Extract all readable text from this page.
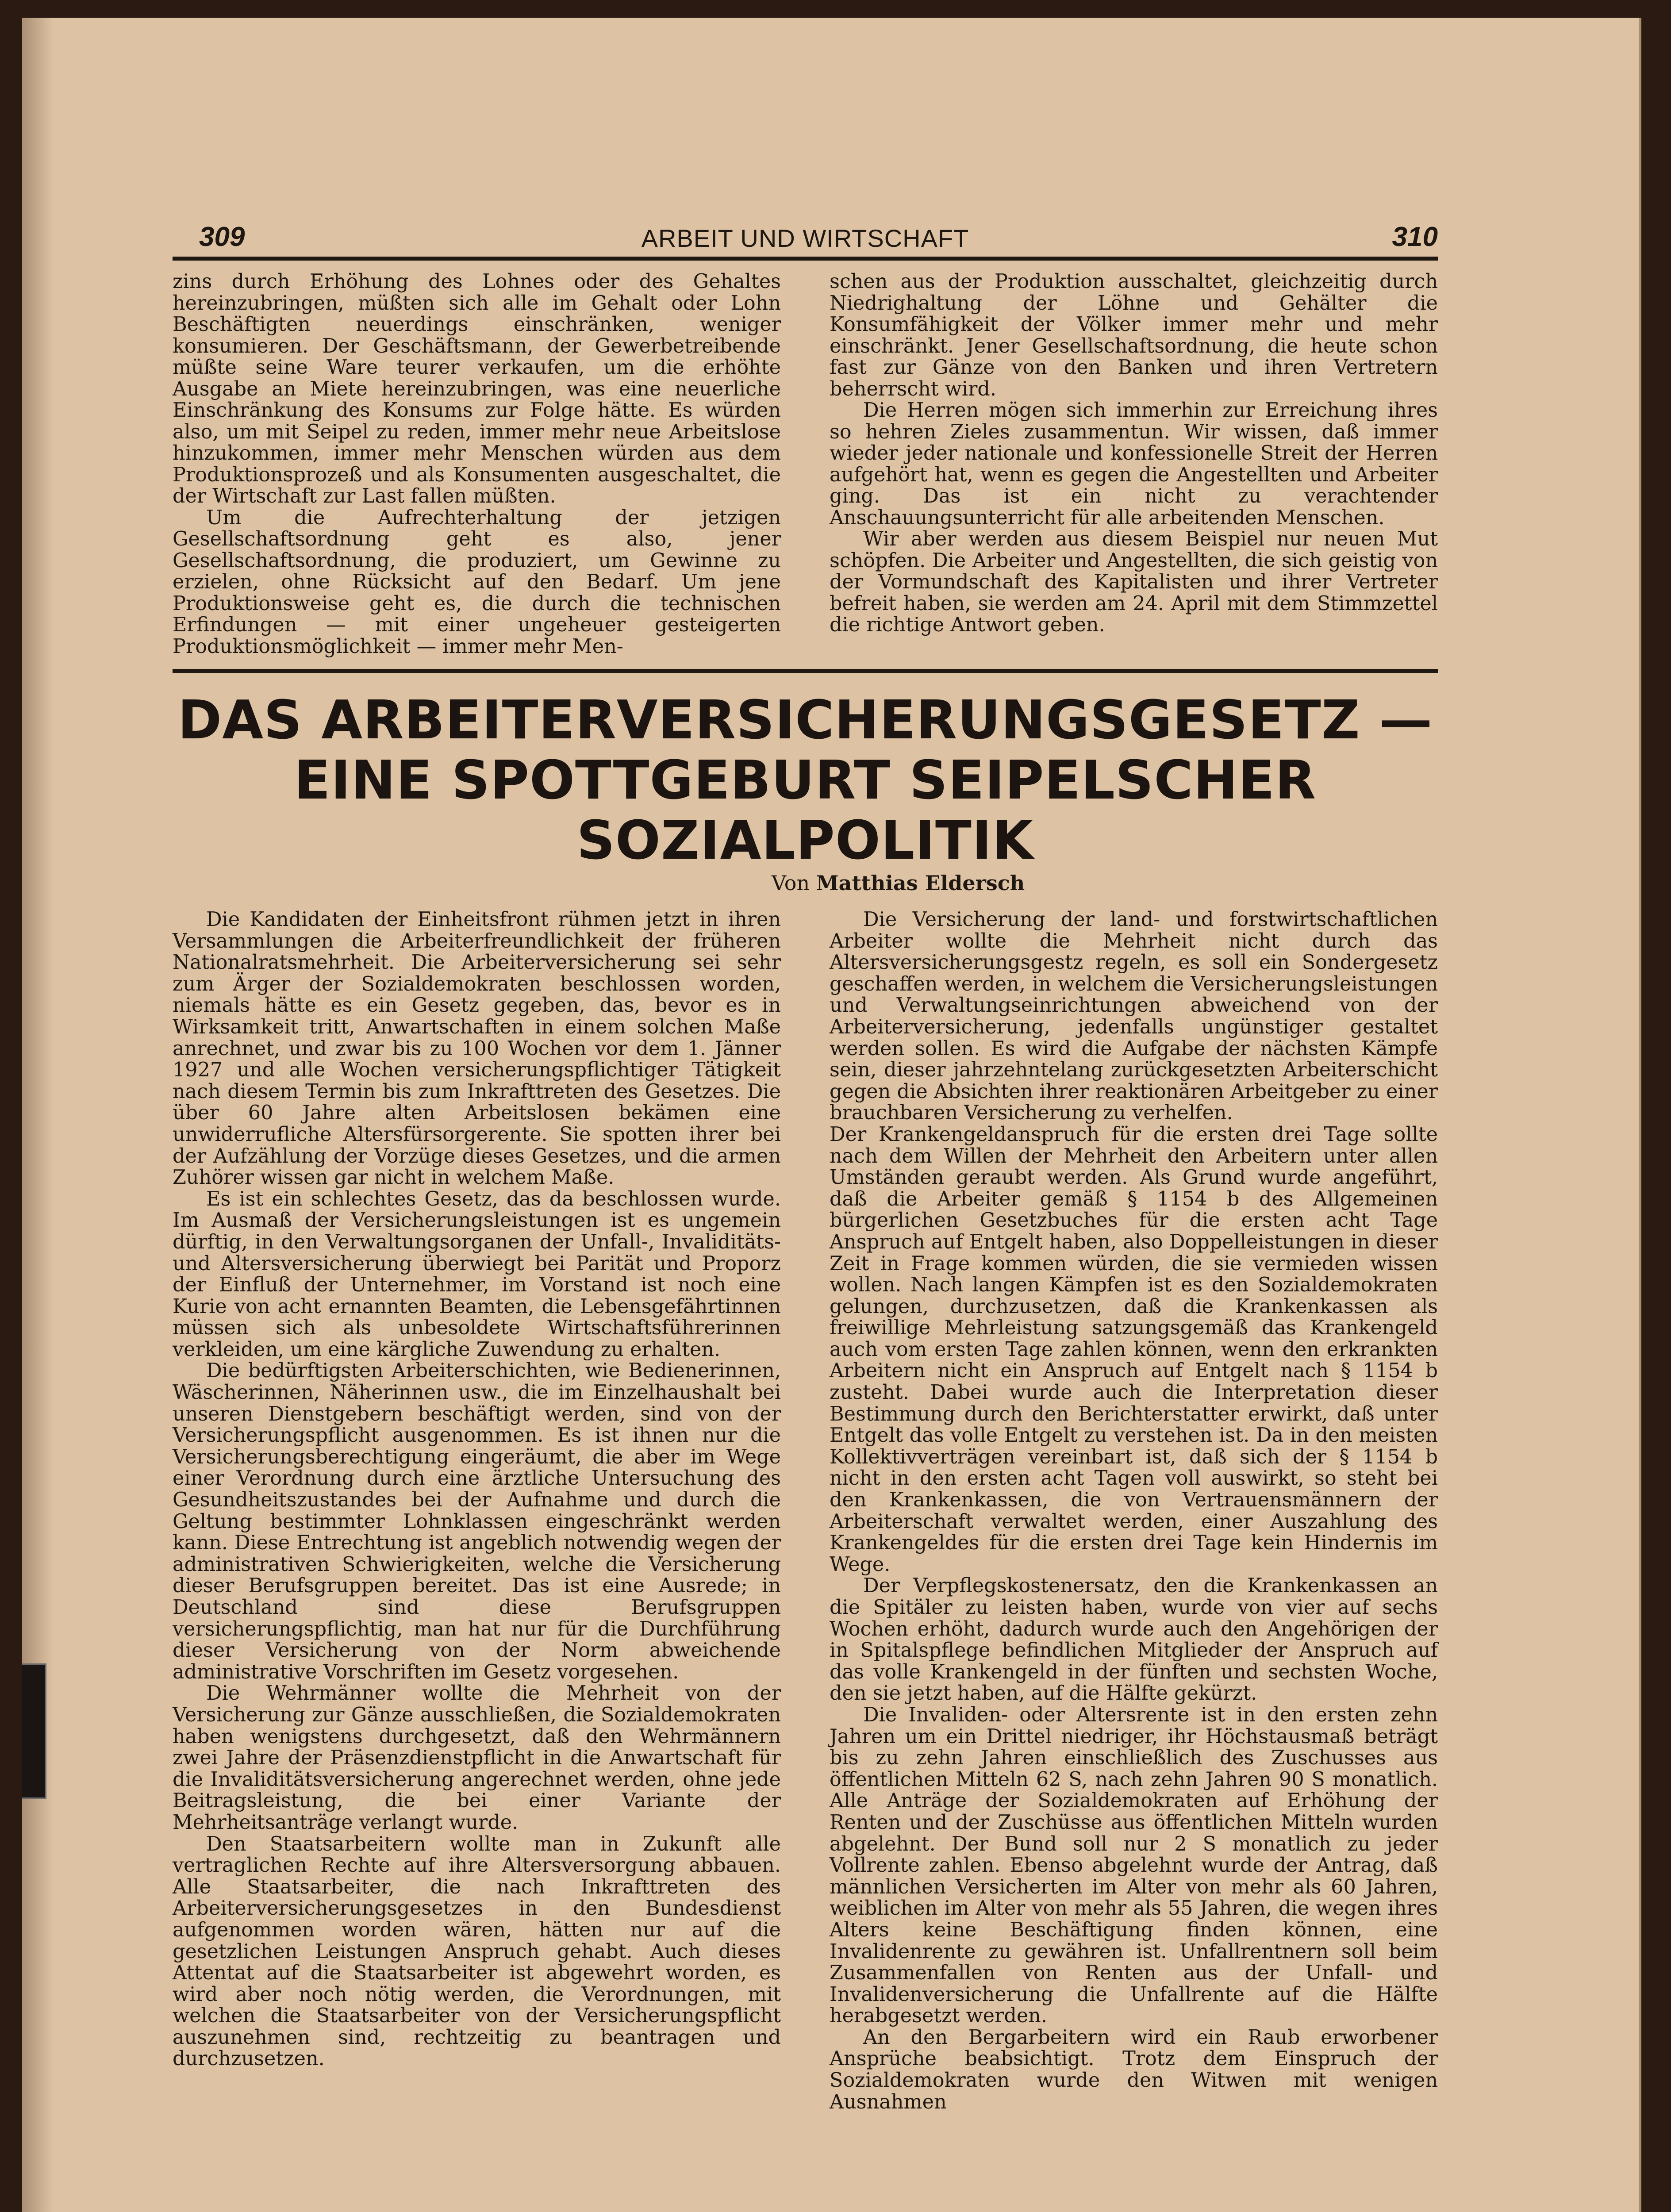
309	ARBEIT UND WIRTSCHAFT	310

zins durch Erhöhung des Lohnes oder des Gehaltes hereinzubringen, müßten sich alle im Gehalt oder Lohn Beschäftigten neuerdings einschränken, weniger konsumieren. Der Geschäftsmann, der Gewerbetreibende müßte seine Ware teurer verkaufen, um die erhöhte Ausgabe an Miete hereinzubringen, was eine neuerliche Einschränkung des Konsums zur Folge hätte. Es würden also, um mit Seipel zu reden, immer mehr neue Arbeitslose hinzukommen, immer mehr Menschen würden aus dem Produktionsprozeß und als Konsumenten ausgeschaltet, die der Wirtschaft zur Last fallen müßten.

Um die Aufrechterhaltung der jetzigen Gesellschaftsordnung geht es also, jener Gesellschaftsordnung, die produziert, um Gewinne zu erzielen, ohne Rücksicht auf den Bedarf. Um jene Produktionsweise geht es, die durch die technischen Erfindungen — mit einer ungeheuer gesteigerten Produktionsmöglichkeit — immer mehr Men-

schen aus der Produktion ausschaltet, gleichzeitig durch Niedrighaltung der Löhne und Gehälter die Konsumfähigkeit der Völker immer mehr und mehr einschränkt. Jener Gesellschaftsordnung, die heute schon fast zur Gänze von den Banken und ihren Vertretern beherrscht wird.

Die Herren mögen sich immerhin zur Erreichung ihres so hehren Zieles zusammentun. Wir wissen, daß immer wieder jeder nationale und konfessionelle Streit der Herren aufgehört hat, wenn es gegen die Angestellten und Arbeiter ging. Das ist ein nicht zu verachtender Anschauungsunterricht für alle arbeitenden Menschen.

Wir aber werden aus diesem Beispiel nur neuen Mut schöpfen. Die Arbeiter und Angestellten, die sich geistig von der Vormundschaft des Kapitalisten und ihrer Vertreter befreit haben, sie werden am 24. April mit dem Stimmzettel die richtige Antwort geben.

DAS ARBEITERVERSICHERUNGSGESETZ —
EINE SPOTTGEBURT SEIPELSCHER
SOZIALPOLITIK
Von Matthias Eldersch

Die Kandidaten der Einheitsfront rühmen jetzt in ihren Versammlungen die Arbeiterfreundlichkeit der früheren Nationalratsmehrheit. Die Arbeiterversicherung sei sehr zum Ärger der Sozialdemokraten beschlossen worden, niemals hätte es ein Gesetz gegeben, das, bevor es in Wirksamkeit tritt, Anwartschaften in einem solchen Maße anrechnet, und zwar bis zu 100 Wochen vor dem 1. Jänner 1927 und alle Wochen versicherungspflichtiger Tätigkeit nach diesem Termin bis zum Inkrafttreten des Gesetzes. Die über 60 Jahre alten Arbeitslosen bekämen eine unwiderrufliche Altersfürsorgerente. Sie spotten ihrer bei der Aufzählung der Vorzüge dieses Gesetzes, und die armen Zuhörer wissen gar nicht in welchem Maße.

Es ist ein schlechtes Gesetz, das da beschlossen wurde. Im Ausmaß der Versicherungsleistungen ist es ungemein dürftig, in den Verwaltungsorganen der Unfall-, Invaliditäts- und Altersversicherung überwiegt bei Parität und Proporz der Einfluß der Unternehmer, im Vorstand ist noch eine Kurie von acht ernannten Beamten, die Lebensgefährtinnen müssen sich als unbesoldete Wirtschaftsführerinnen verkleiden, um eine kärgliche Zuwendung zu erhalten.

Die bedürftigsten Arbeiterschichten, wie Bedienerinnen, Wäscherinnen, Näherinnen usw., die im Einzelhaushalt bei unseren Dienstgebern beschäftigt werden, sind von der Versicherungspflicht ausgenommen. Es ist ihnen nur die Versicherungsberechtigung eingeräumt, die aber im Wege einer Verordnung durch eine ärztliche Untersuchung des Gesundheitszustandes bei der Aufnahme und durch die Geltung bestimmter Lohnklassen eingeschränkt werden kann. Diese Entrechtung ist angeblich notwendig wegen der administrativen Schwierigkeiten, welche die Versicherung dieser Berufsgruppen bereitet. Das ist eine Ausrede; in Deutschland sind diese Berufsgruppen versicherungspflichtig, man hat nur für die Durchführung dieser Versicherung von der Norm abweichende administrative Vorschriften im Gesetz vorgesehen.

Die Wehrmänner wollte die Mehrheit von der Versicherung zur Gänze ausschließen, die Sozialdemokraten haben wenigstens durchgesetzt, daß den Wehrmännern zwei Jahre der Präsenzdienstpflicht in die Anwartschaft für die Invaliditätsversicherung angerechnet werden, ohne jede Beitragsleistung, die bei einer Variante der Mehrheitsanträge verlangt wurde.

Den Staatsarbeitern wollte man in Zukunft alle vertraglichen Rechte auf ihre Altersversorgung abbauen. Alle Staatsarbeiter, die nach Inkrafttreten des Arbeiterversicherungsgesetzes in den Bundesdienst aufgenommen worden wären, hätten nur auf die gesetzlichen Leistungen Anspruch gehabt. Auch dieses Attentat auf die Staatsarbeiter ist abgewehrt worden, es wird aber noch nötig werden, die Verordnungen, mit welchen die Staatsarbeiter von der Versicherungspflicht auszunehmen sind, rechtzeitig zu beantragen und durchzusetzen.

Die Versicherung der land- und forstwirtschaftlichen Arbeiter wollte die Mehrheit nicht durch das Altersversicherungsgestz regeln, es soll ein Sondergesetz geschaffen werden, in welchem die Versicherungsleistungen und Verwaltungseinrichtungen abweichend von der Arbeiterversicherung, jedenfalls ungünstiger gestaltet werden sollen. Es wird die Aufgabe der nächsten Kämpfe sein, dieser jahrzehntelang zurückgesetzten Arbeiterschicht gegen die Absichten ihrer reaktionären Arbeitgeber zu einer brauchbaren Versicherung zu verhelfen.

Der Krankengeldanspruch für die ersten drei Tage sollte nach dem Willen der Mehrheit den Arbeitern unter allen Umständen geraubt werden. Als Grund wurde angeführt, daß die Arbeiter gemäß § 1154 b des Allgemeinen bürgerlichen Gesetzbuches für die ersten acht Tage Anspruch auf Entgelt haben, also Doppelleistungen in dieser Zeit in Frage kommen würden, die sie vermieden wissen wollen. Nach langen Kämpfen ist es den Sozialdemokraten gelungen, durchzusetzen, daß die Krankenkassen als freiwillige Mehrleistung satzungsgemäß das Krankengeld auch vom ersten Tage zahlen können, wenn den erkrankten Arbeitern nicht ein Anspruch auf Entgelt nach § 1154 b zusteht. Dabei wurde auch die Interpretation dieser Bestimmung durch den Berichterstatter erwirkt, daß unter Entgelt das volle Entgelt zu verstehen ist. Da in den meisten Kollektivverträgen vereinbart ist, daß sich der § 1154 b nicht in den ersten acht Tagen voll auswirkt, so steht bei den Krankenkassen, die von Vertrauensmännern der Arbeiterschaft verwaltet werden, einer Auszahlung des Krankengeldes für die ersten drei Tage kein Hindernis im Wege.

Der Verpflegskostenersatz, den die Krankenkassen an die Spitäler zu leisten haben, wurde von vier auf sechs Wochen erhöht, dadurch wurde auch den Angehörigen der in Spitalspflege befindlichen Mitglieder der Anspruch auf das volle Krankengeld in der fünften und sechsten Woche, den sie jetzt haben, auf die Hälfte gekürzt.

Die Invaliden- oder Altersrente ist in den ersten zehn Jahren um ein Drittel niedriger, ihr Höchstausmaß beträgt bis zu zehn Jahren einschließlich des Zuschusses aus öffentlichen Mitteln 62 S, nach zehn Jahren 90 S monatlich. Alle Anträge der Sozialdemokraten auf Erhöhung der Renten und der Zuschüsse aus öffentlichen Mitteln wurden abgelehnt. Der Bund soll nur 2 S monatlich zu jeder Vollrente zahlen. Ebenso abgelehnt wurde der Antrag, daß männlichen Versicherten im Alter von mehr als 60 Jahren, weiblichen im Alter von mehr als 55 Jahren, die wegen ihres Alters keine Beschäftigung finden können, eine Invalidenrente zu gewähren ist. Unfallrentnern soll beim Zusammenfallen von Renten aus der Unfall- und Invalidenversicherung die Unfallrente auf die Hälfte herabgesetzt werden.

An den Bergarbeitern wird ein Raub erworbener Ansprüche beabsichtigt. Trotz dem Einspruch der Sozialdemokraten wurde den Witwen mit wenigen Ausnahmen
